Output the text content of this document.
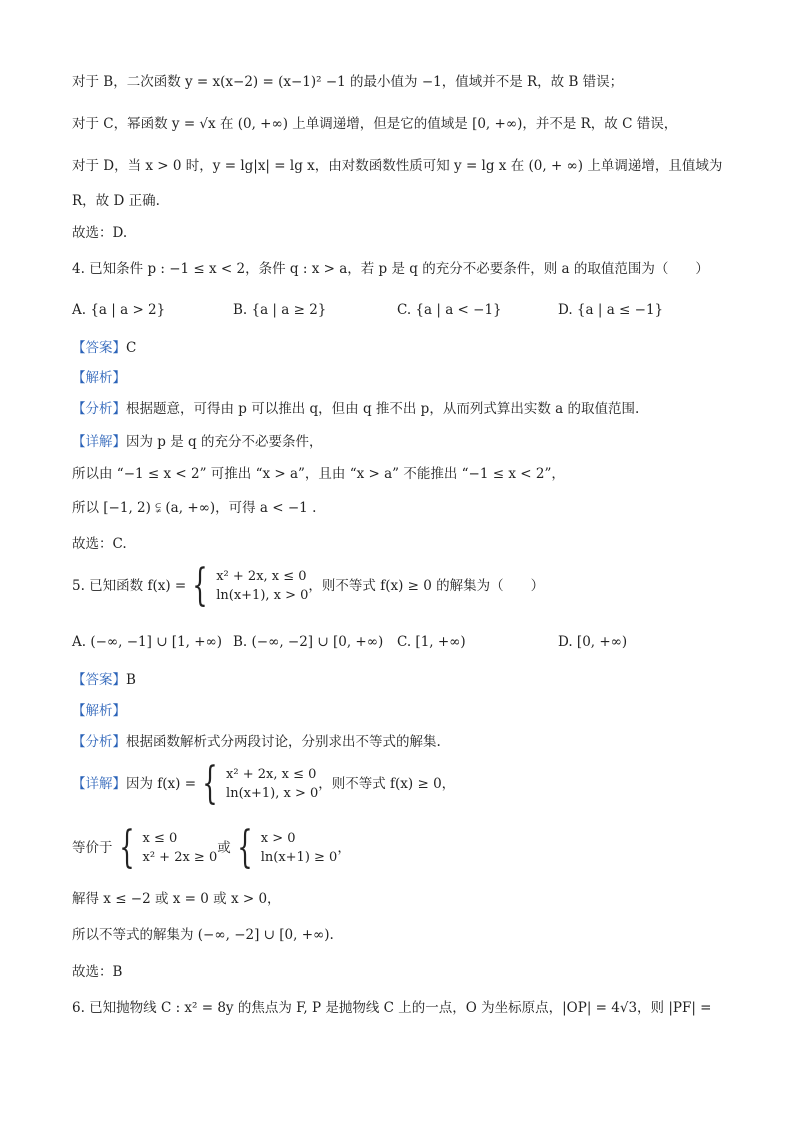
对于 B，二次函数 y = x(x−2) = (x−1)² −1 的最小值为 −1，值域并不是 R，故 B 错误；
对于 C，幂函数 y = √x 在 (0, +∞) 上单调递增，但是它的值域是 [0, +∞)，并不是 R，故 C 错误，
对于 D，当 x > 0 时，y = lg|x| = lg x，由对数函数性质可知 y = lg x 在 (0, + ∞) 上单调递增，且值域为
R，故 D 正确.
故选：D.
4. 已知条件 p : −1 ≤ x < 2，条件 q : x > a，若 p 是 q 的充分不必要条件，则 a 的取值范围为（　　）
A. {a | a > 2}	B. {a | a ≥ 2}	C. {a | a < −1}	D. {a | a ≤ −1}
【答案】C
【解析】
【分析】根据题意，可得由 p 可以推出 q，但由 q 推不出 p，从而列式算出实数 a 的取值范围.
【详解】因为 p 是 q 的充分不必要条件，
所以由 “−1 ≤ x < 2” 可推出 “x > a”，且由 “x > a” 不能推出 “−1 ≤ x < 2”，
所以 [−1, 2) ⫋ (a, +∞)，可得 a < −1 .
故选：C.
5. 已知函数 f(x) = { x² + 2x, x ≤ 0
ln(x+1), x > 0
，则不等式 f(x) ≥ 0 的解集为（　　）
A. (−∞, −1] ∪ [1, +∞) B. (−∞, −2] ∪ [0, +∞) C. [1, +∞)	D. [0, +∞)
【答案】B
【解析】
【分析】根据函数解析式分两段讨论，分别求出不等式的解集.
【详解】 因为 f(x) = { x² + 2x, x ≤ 0
ln(x+1), x > 0
，则不等式 f(x) ≥ 0，
等价于 { x ≤ 0
x² + 2x ≥ 0
或 { x > 0
ln(x+1) ≥ 0
，
解得 x ≤ −2 或 x = 0 或 x > 0，
所以不等式的解集为 (−∞, −2] ∪ [0, +∞).
故选：B
6. 已知抛物线 C : x² = 8y 的焦点为 F, P 是抛物线 C 上的一点，O 为坐标原点，|OP| = 4√3，则 |PF| =
